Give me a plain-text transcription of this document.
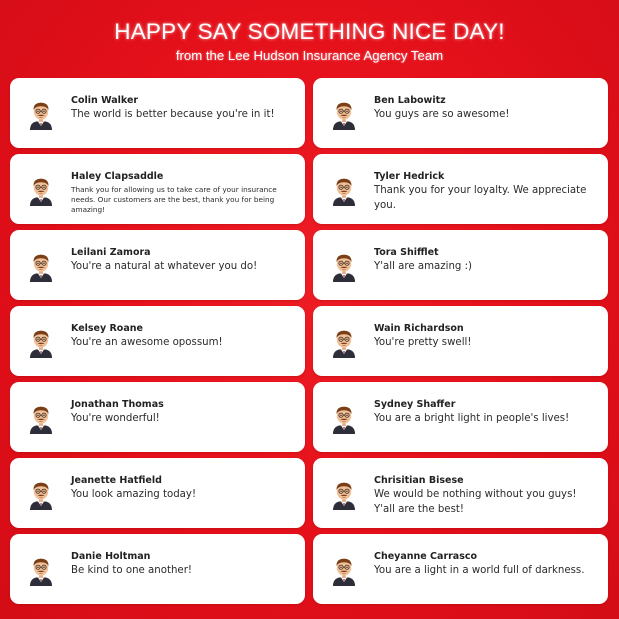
HAPPY SAY SOMETHING NICE DAY!
from the Lee Hudson Insurance Agency Team
Colin Walker
The world is better because you're in it!
Ben Labowitz
You guys are so awesome!
Haley Clapsaddle
Thank you for allowing us to take care of your insurance needs. Our customers are the best, thank you for being amazing!
Tyler Hedrick
Thank you for your loyalty. We appreciate you.
Leilani Zamora
You're a natural at whatever you do!
Tora Shifflet
Y'all are amazing :)
Kelsey Roane
You're an awesome opossum!
Wain Richardson
You're pretty swell!
Jonathan Thomas
You're wonderful!
Sydney Shaffer
You are a bright light in people's lives!
Jeanette Hatfield
You look amazing today!
Chrisitian Bisese
We would be nothing without you guys! Y'all are the best!
Danie Holtman
Be kind to one another!
Cheyanne Carrasco
You are a light in a world full of darkness.
